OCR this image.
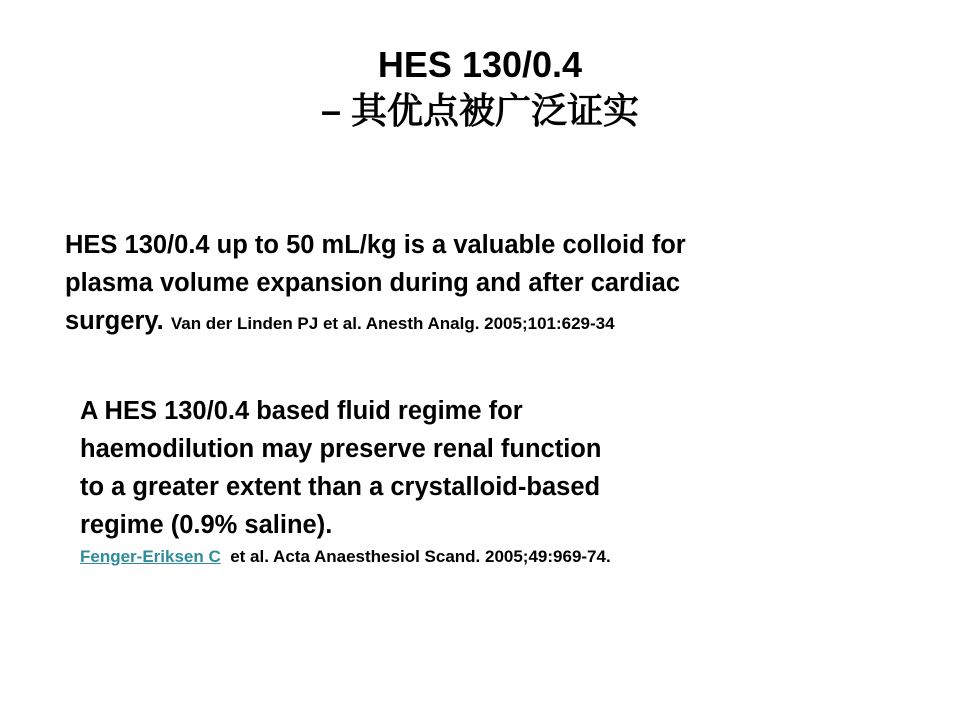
HES 130/0.4
– 其优点被广泛证实
HES 130/0.4 up to 50 mL/kg is a valuable colloid for
plasma volume expansion during and after cardiac
surgery. Van der Linden PJ et al. Anesth Analg. 2005;101:629-34
A HES 130/0.4 based fluid regime for
haemodilution may preserve renal function
to a greater extent than a crystalloid-based
regime (0.9% saline).
Fenger-Eriksen C et al. Acta Anaesthesiol Scand. 2005;49:969-74.
